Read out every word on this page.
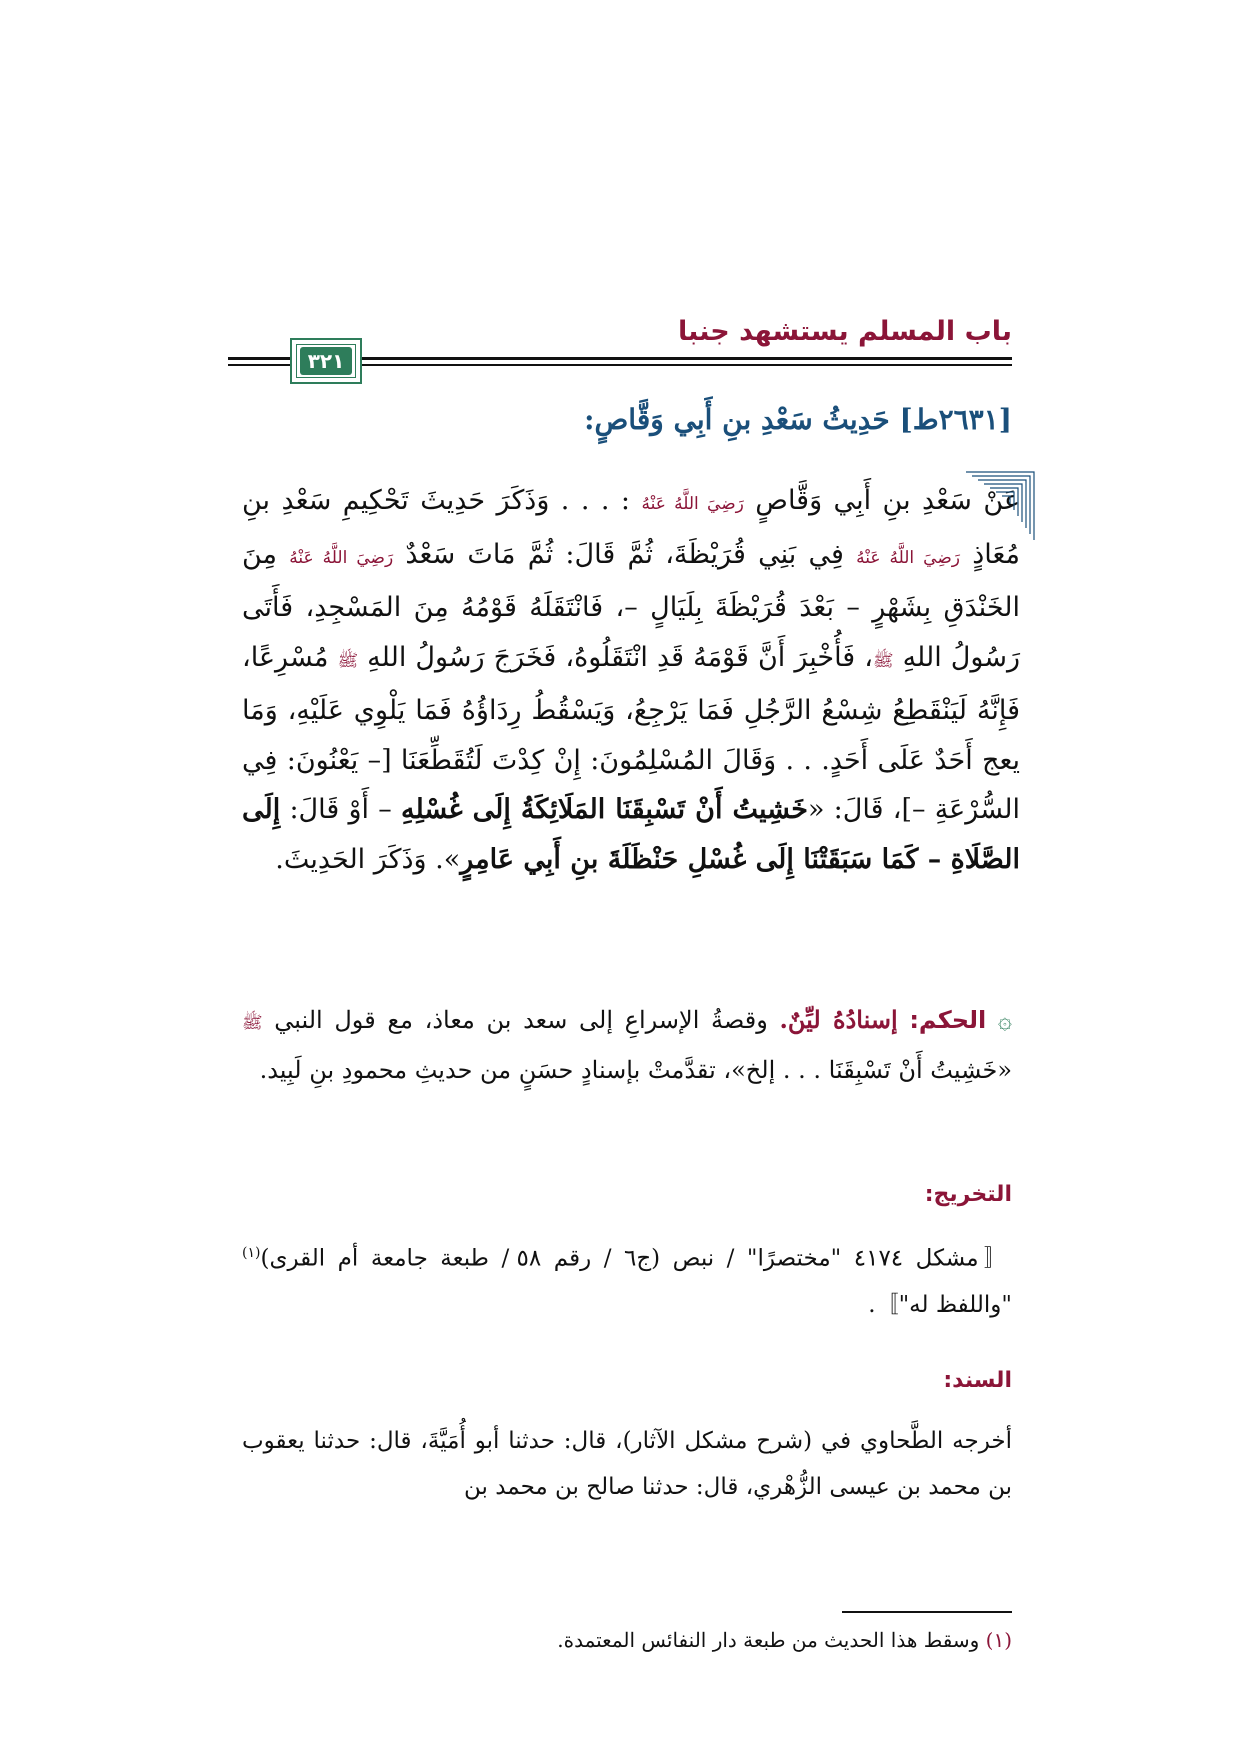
باب المسلم يستشهد جنبا
٣٢١
[٢٦٣١ط] حَدِيثُ سَعْدِ بنِ أَبِي وَقَّاصٍ:

عَنْ سَعْدِ بنِ أَبِي وَقَّاصٍ رَضِيَ اللَّهُ عَنْهُ : . . . وَذَكَرَ حَدِيثَ تَحْكِيمِ سَعْدِ بنِ مُعَاذٍ رَضِيَ اللَّهُ عَنْهُ فِي بَنِي قُرَيْظَةَ، ثُمَّ قَالَ: ثُمَّ مَاتَ سَعْدٌ رَضِيَ اللَّهُ عَنْهُ مِنَ الخَنْدَقِ بِشَهْرٍ – بَعْدَ قُرَيْظَةَ بِلَيَالٍ –، فَانْتَقَلَهُ قَوْمُهُ مِنَ المَسْجِدِ، فَأَتَى رَسُولُ اللهِ ﷺ، فَأُخْبِرَ أَنَّ قَوْمَهُ قَدِ انْتَقَلُوهُ، فَخَرَجَ رَسُولُ اللهِ ﷺ مُسْرِعًا، فَإِنَّهُ لَيَنْقَطِعُ شِسْعُ الرَّجُلِ فَمَا يَرْجِعُ، وَيَسْقُطُ رِدَاؤُهُ فَمَا يَلْوِي عَلَيْهِ، وَمَا يعج أَحَدٌ عَلَى أَحَدٍ. . . وَقَالَ المُسْلِمُونَ: إِنْ كِدْتَ لَتُقَطِّعَنَا [– يَعْنُونَ: فِي السُّرْعَةِ –]، قَالَ: «خَشِيتُ أَنْ تَسْبِقَنَا المَلَائِكَةُ إِلَى غُسْلِهِ – أَوْ قَالَ: إِلَى الصَّلَاةِ – كَمَا سَبَقَتْنَا إِلَى غُسْلِ حَنْظَلَةَ بنِ أَبِي عَامِرٍ». وَذَكَرَ الحَدِيثَ.

۞ الحكم: إسنادُهُ ليِّنٌ. وقصةُ الإسراعِ إلى سعد بن معاذ، مع قول النبي ﷺ «خَشِيتُ أَنْ تَسْبِقَنَا . . . إلخ»، تقدَّمتْ بإسنادٍ حسَنٍ من حديثِ محمودِ بنِ لَبِيد.
التخريج:
〚مشكل ٤١٧٤ "مختصرًا" / نبص (ج٦ / رقم ٥٨ / طبعة جامعة أم القرى)$^{(١)}$ "واللفظ له"〛.
السند:
أخرجه الطَّحاوي في (شرح مشكل الآثار)، قال: حدثنا أبو أُمَيَّةَ، قال: حدثنا يعقوب بن محمد بن عيسى الزُّهْري، قال: حدثنا صالح بن محمد بن
(١) وسقط هذا الحديث من طبعة دار النفائس المعتمدة.
